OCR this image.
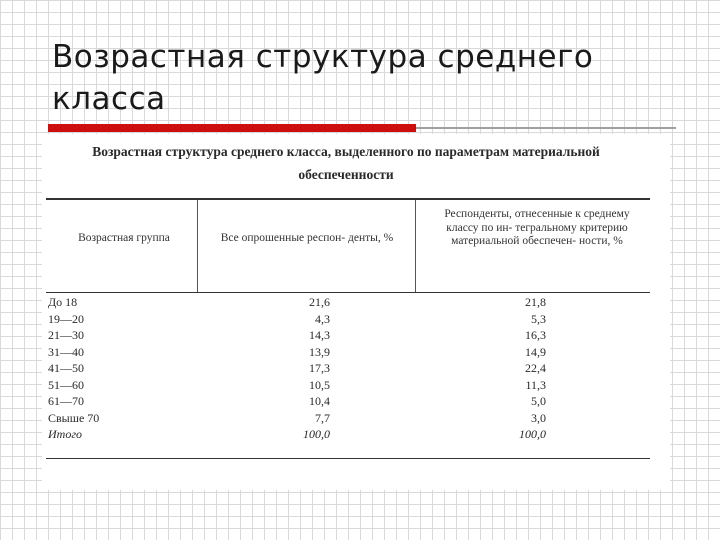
Возрастная структура среднего класса
Возрастная структура среднего класса, выделенного по параметрам материальной обеспеченности
Возрастная группа	Все опрошенные респон- денты, %
Респонденты, отнесенные к среднему классу по ин- тегральному критерию материальной обеспечен- ности, %
До 18
19—20
21—30
31—40
41—50
51—60
61—70
Свыше 70
Итого
21,6
4,3
14,3
13,9
17,3
10,5
10,4
7,7
100,0
21,8
5,3
16,3
14,9
22,4
11,3
5,0
3,0
100,0
